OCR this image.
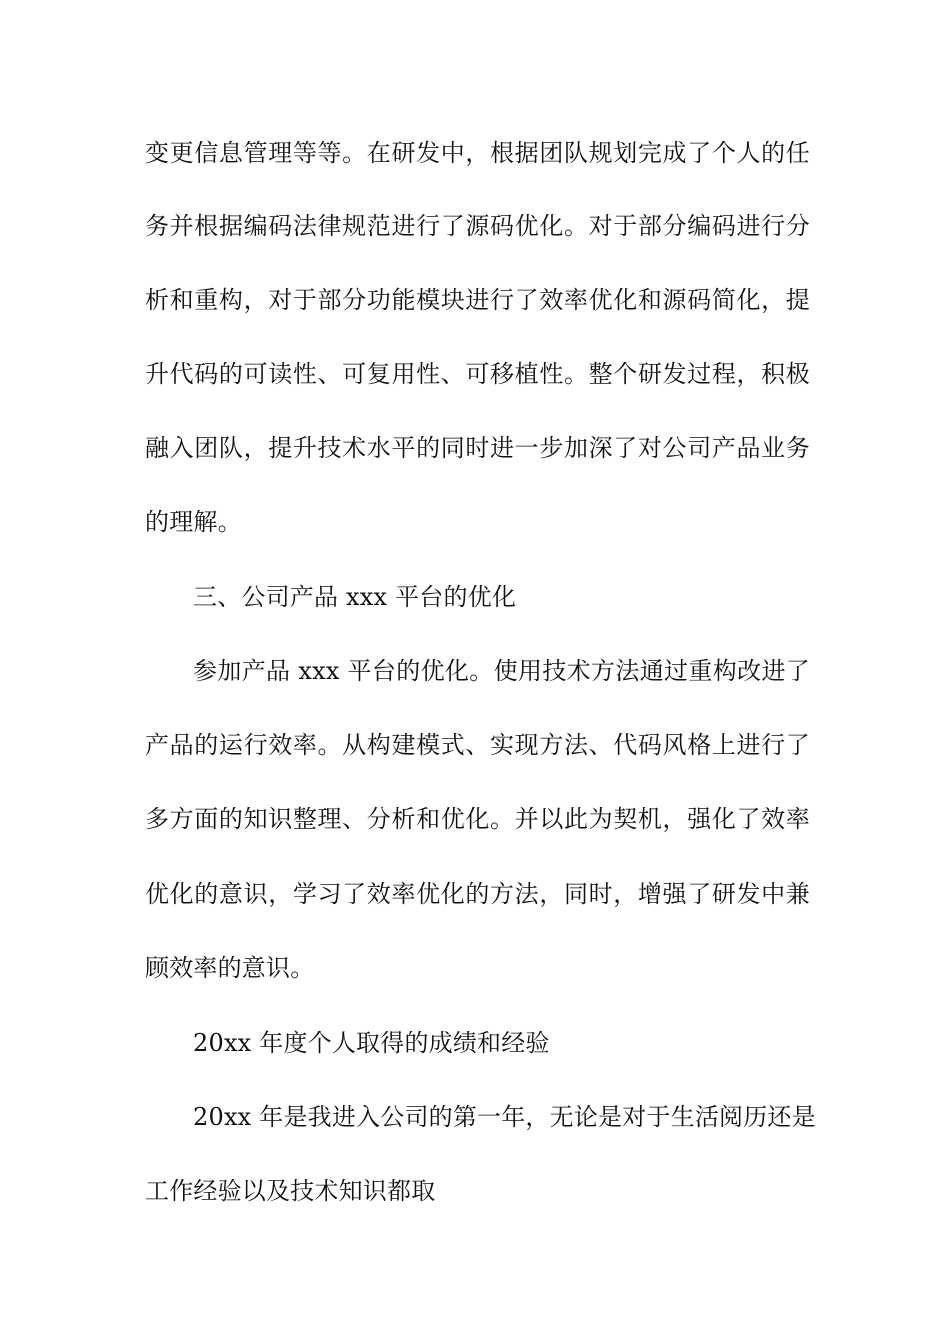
变更信息管理等等。在研发中，根据团队规划完成了个人的任
务并根据编码法律规范进行了源码优化。对于部分编码进行分
析和重构，对于部分功能模块进行了效率优化和源码简化，提
升代码的可读性、可复用性、可移植性。整个研发过程，积极
融入团队，提升技术水平的同时进一步加深了对公司产品业务
的理解。
三、公司产品 xxx 平台的优化
参加产品 xxx 平台的优化。使用技术方法通过重构改进了
产品的运行效率。从构建模式、实现方法、代码风格上进行了
多方面的知识整理、分析和优化。并以此为契机，强化了效率
优化的意识，学习了效率优化的方法，同时，增强了研发中兼
顾效率的意识。
20xx 年度个人取得的成绩和经验
20xx 年是我进入公司的第一年，无论是对于生活阅历还是
工作经验以及技术知识都取
